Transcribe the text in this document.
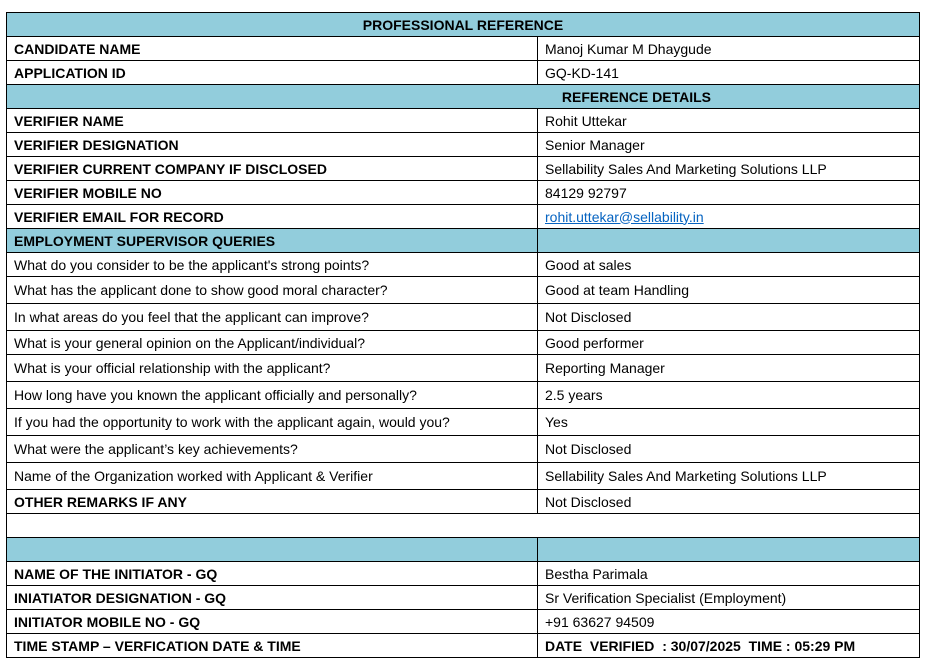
PROFESSIONAL REFERENCE	
CANDIDATE NAME	Manoj Kumar M Dhaygude
APPLICATION ID	GQ-KD-141
REFERENCE DETAILS	
VERIFIER NAME	Rohit Uttekar
VERIFIER DESIGNATION	Senior Manager
VERIFIER CURRENT COMPANY IF DISCLOSED	Sellability Sales And Marketing Solutions LLP
VERIFIER MOBILE NO	84129 92797
VERIFIER EMAIL FOR RECORD	rohit.uttekar@sellability.in
EMPLOYMENT SUPERVISOR QUERIES	
What do you consider to be the applicant's strong points?	Good at sales
What has the applicant done to show good moral character?	Good at team Handling
In what areas do you feel that the applicant can improve?	Not Disclosed
What is your general opinion on the Applicant/individual?	Good performer
What is your official relationship with the applicant?	Reporting Manager
How long have you known the applicant officially and personally?	2.5 years
If you had the opportunity to work with the applicant again, would you?	Yes
What were the applicant’s key achievements?	Not Disclosed
Name of the Organization worked with Applicant & Verifier	Sellability Sales And Marketing Solutions LLP
OTHER REMARKS IF ANY	Not Disclosed

NAME OF THE INITIATOR - GQ	Bestha Parimala
INIATIATOR DESIGNATION - GQ	Sr Verification Specialist (Employment)
INITIATOR MOBILE NO - GQ	+91 63627 94509
TIME STAMP – VERFICATION DATE & TIME	DATE  VERIFIED  : 30/07/2025  TIME : 05:29 PM
